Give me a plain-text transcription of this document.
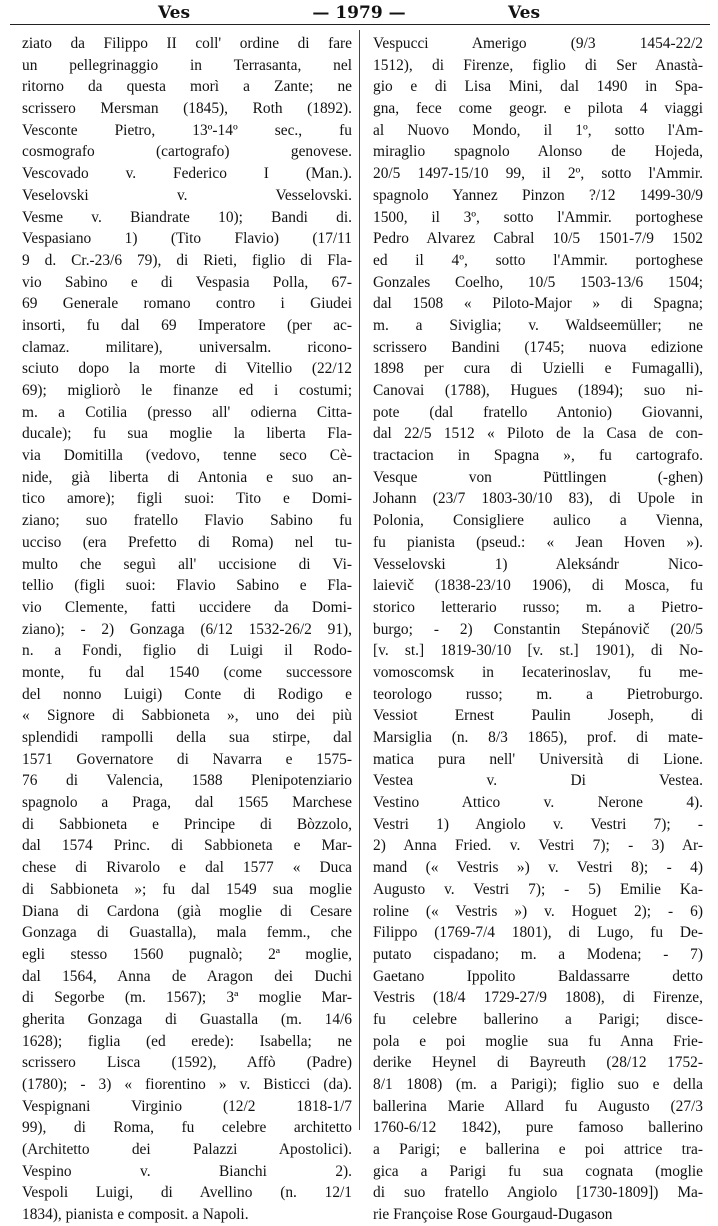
Ves	— 1979 —	Ves
ziato da Filippo II coll' ordine di fare
un pellegrinaggio in Terrasanta, nel
ritorno da questa morì a Zante; ne
scrissero Mersman (1845), Roth (1892).
Vesconte Pietro, 13º-14º sec., fu
cosmografo (cartografo) genovese.
Vescovado v. Federico I (Man.).
Veselovski v. Vesselovski.
Vesme v. Biandrate 10); Bandi di.
Vespasiano 1) (Tito Flavio) (17/11
9 d. Cr.-23/6 79), di Rieti, figlio di Fla-
vio Sabino e di Vespasia Polla, 67-
69 Generale romano contro i Giudei
insorti, fu dal 69 Imperatore (per ac-
clamaz. militare), universalm. ricono-
sciuto dopo la morte di Vitellio (22/12
69); migliorò le finanze ed i costumi;
m. a Cotilia (presso all' odierna Citta-
ducale); fu sua moglie la liberta Fla-
via Domitilla (vedovo, tenne seco Cè-
nide, già liberta di Antonia e suo an-
tico amore); figli suoi: Tito e Domi-
ziano; suo fratello Flavio Sabino fu
ucciso (era Prefetto di Roma) nel tu-
multo che seguì all' uccisione di Vi-
tellio (figli suoi: Flavio Sabino e Fla-
vio Clemente, fatti uccidere da Domi-
ziano); - 2) Gonzaga (6/12 1532-26/2 91),
n. a Fondi, figlio di Luigi il Rodo-
monte, fu dal 1540 (come successore
del nonno Luigi) Conte di Rodigo e
« Signore di Sabbioneta », uno dei più
splendidi rampolli della sua stirpe, dal
1571 Governatore di Navarra e 1575-
76 di Valencia, 1588 Plenipotenziario
spagnolo a Praga, dal 1565 Marchese
di Sabbioneta e Principe di Bòzzolo,
dal 1574 Princ. di Sabbioneta e Mar-
chese di Rivarolo e dal 1577 « Duca
di Sabbioneta »; fu dal 1549 sua moglie
Diana di Cardona (già moglie di Cesare
Gonzaga di Guastalla), mala femm., che
egli stesso 1560 pugnalò; 2ª moglie,
dal 1564, Anna de Aragon dei Duchi
di Segorbe (m. 1567); 3ª moglie Mar-
gherita Gonzaga di Guastalla (m. 14/6
1628); figlia (ed erede): Isabella; ne
scrissero Lisca (1592), Affò (Padre)
(1780); - 3) « fiorentino » v. Bisticci (da).
Vespignani Virginio (12/2 1818-1/7
99), di Roma, fu celebre architetto
(Architetto dei Palazzi Apostolici).
Vespino v. Bianchi 2).
Vespoli Luigi, di Avellino (n. 12/1
1834), pianista e composit. a Napoli.
Vespucci Amerigo (9/3 1454-22/2
1512), di Firenze, figlio di Ser Anastà-
gio e di Lisa Mini, dal 1490 in Spa-
gna, fece come geogr. e pilota 4 viaggi
al Nuovo Mondo, il 1º, sotto l'Am-
miraglio spagnolo Alonso de Hojeda,
20/5 1497-15/10 99, il 2º, sotto l'Ammir.
spagnolo Yannez Pinzon ?/12 1499-30/9
1500, il 3º, sotto l'Ammir. portoghese
Pedro Alvarez Cabral 10/5 1501-7/9 1502
ed il 4º, sotto l'Ammir. portoghese
Gonzales Coelho, 10/5 1503-13/6 1504;
dal 1508 « Piloto-Major » di Spagna;
m. a Siviglia; v. Waldseemüller; ne
scrissero Bandini (1745; nuova edizione
1898 per cura di Uzielli e Fumagalli),
Canovai (1788), Hugues (1894); suo ni-
pote (dal fratello Antonio) Giovanni,
dal 22/5 1512 « Piloto de la Casa de con-
tractacion in Spagna », fu cartografo.
Vesque von Püttlingen (-ghen)
Johann (23/7 1803-30/10 83), di Upole in
Polonia, Consigliere aulico a Vienna,
fu pianista (pseud.: « Jean Hoven »).
Vesselovski 1) Aleksándr Nico-
laievič (1838-23/10 1906), di Mosca, fu
storico letterario russo; m. a Pietro-
burgo; - 2) Constantin Stepánovič (20/5
[v. st.] 1819-30/10 [v. st.] 1901), di No-
vomoscomsk in Iecaterinoslav, fu me-
teorologo russo; m. a Pietroburgo.
Vessiot Ernest Paulin Joseph, di
Marsiglia (n. 8/3 1865), prof. di mate-
matica pura nell' Università di Lione.
Vestea v. Di Vestea.
Vestino Attico v. Nerone 4).
Vestri 1) Angiolo v. Vestri 7); -
2) Anna Fried. v. Vestri 7); - 3) Ar-
mand (« Vestris ») v. Vestri 8); - 4)
Augusto v. Vestri 7); - 5) Emilie Ka-
roline (« Vestris ») v. Hoguet 2); - 6)
Filippo (1769-7/4 1801), di Lugo, fu De-
putato cispadano; m. a Modena; - 7)
Gaetano Ippolito Baldassarre detto
Vestris (18/4 1729-27/9 1808), di Firenze,
fu celebre ballerino a Parigi; disce-
pola e poi moglie sua fu Anna Frie-
derike Heynel di Bayreuth (28/12 1752-
8/1 1808) (m. a Parigi); figlio suo e della
ballerina Marie Allard fu Augusto (27/3
1760-6/12 1842), pure famoso ballerino
a Parigi; e ballerina e poi attrice tra-
gica a Parigi fu sua cognata (moglie
di suo fratello Angiolo [1730-1809]) Ma-
rie Françoise Rose Gourgaud-Dugason
